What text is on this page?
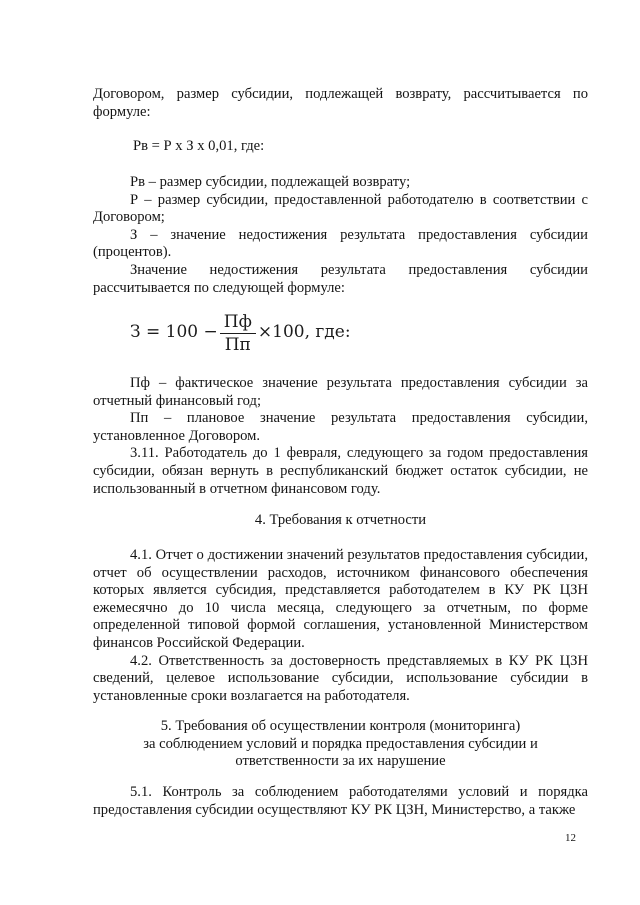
Договором, размер субсидии, подлежащей возврату, рассчитывается по

формуле:

Рв = Р х З х 0,01, где:

Рв – размер субсидии, подлежащей возврату;

Р – размер субсидии, предоставленной работодателю в соответствии с Договором;

З – значение недостижения результата предоставления субсидии (процентов).

Значение недостижения результата предоставления субсидии рассчитывается по следующей формуле:

$З = 100 - \frac{Пф}{Пп} \times 100$, где:

Пф – фактическое значение результата предоставления субсидии за отчетный финансовый год;

Пп – плановое значение результата предоставления субсидии, установленное Договором.

3.11. Работодатель до 1 февраля, следующего за годом предоставления субсидии, обязан вернуть в республиканский бюджет остаток субсидии, не использованный в отчетном финансовом году.

4. Требования к отчетности

4.1. Отчет о достижении значений результатов предоставления субсидии, отчет об осуществлении расходов, источником финансового обеспечения которых является субсидия, представляется работодателем в КУ РК ЦЗН ежемесячно до 10 числа месяца, следующего за отчетным, по форме определенной типовой формой соглашения, установленной Министерством финансов Российской Федерации.

4.2. Ответственность за достоверность представляемых в КУ РК ЦЗН сведений, целевое использование субсидии, использование субсидии в установленные сроки возлагается на работодателя.

5. Требования об осуществлении контроля (мониторинга)
за соблюдением условий и порядка предоставления субсидии и
ответственности за их нарушение

5.1. Контроль за соблюдением работодателями условий и порядка предоставления субсидии осуществляют КУ РК ЦЗН, Министерство, а также

12
